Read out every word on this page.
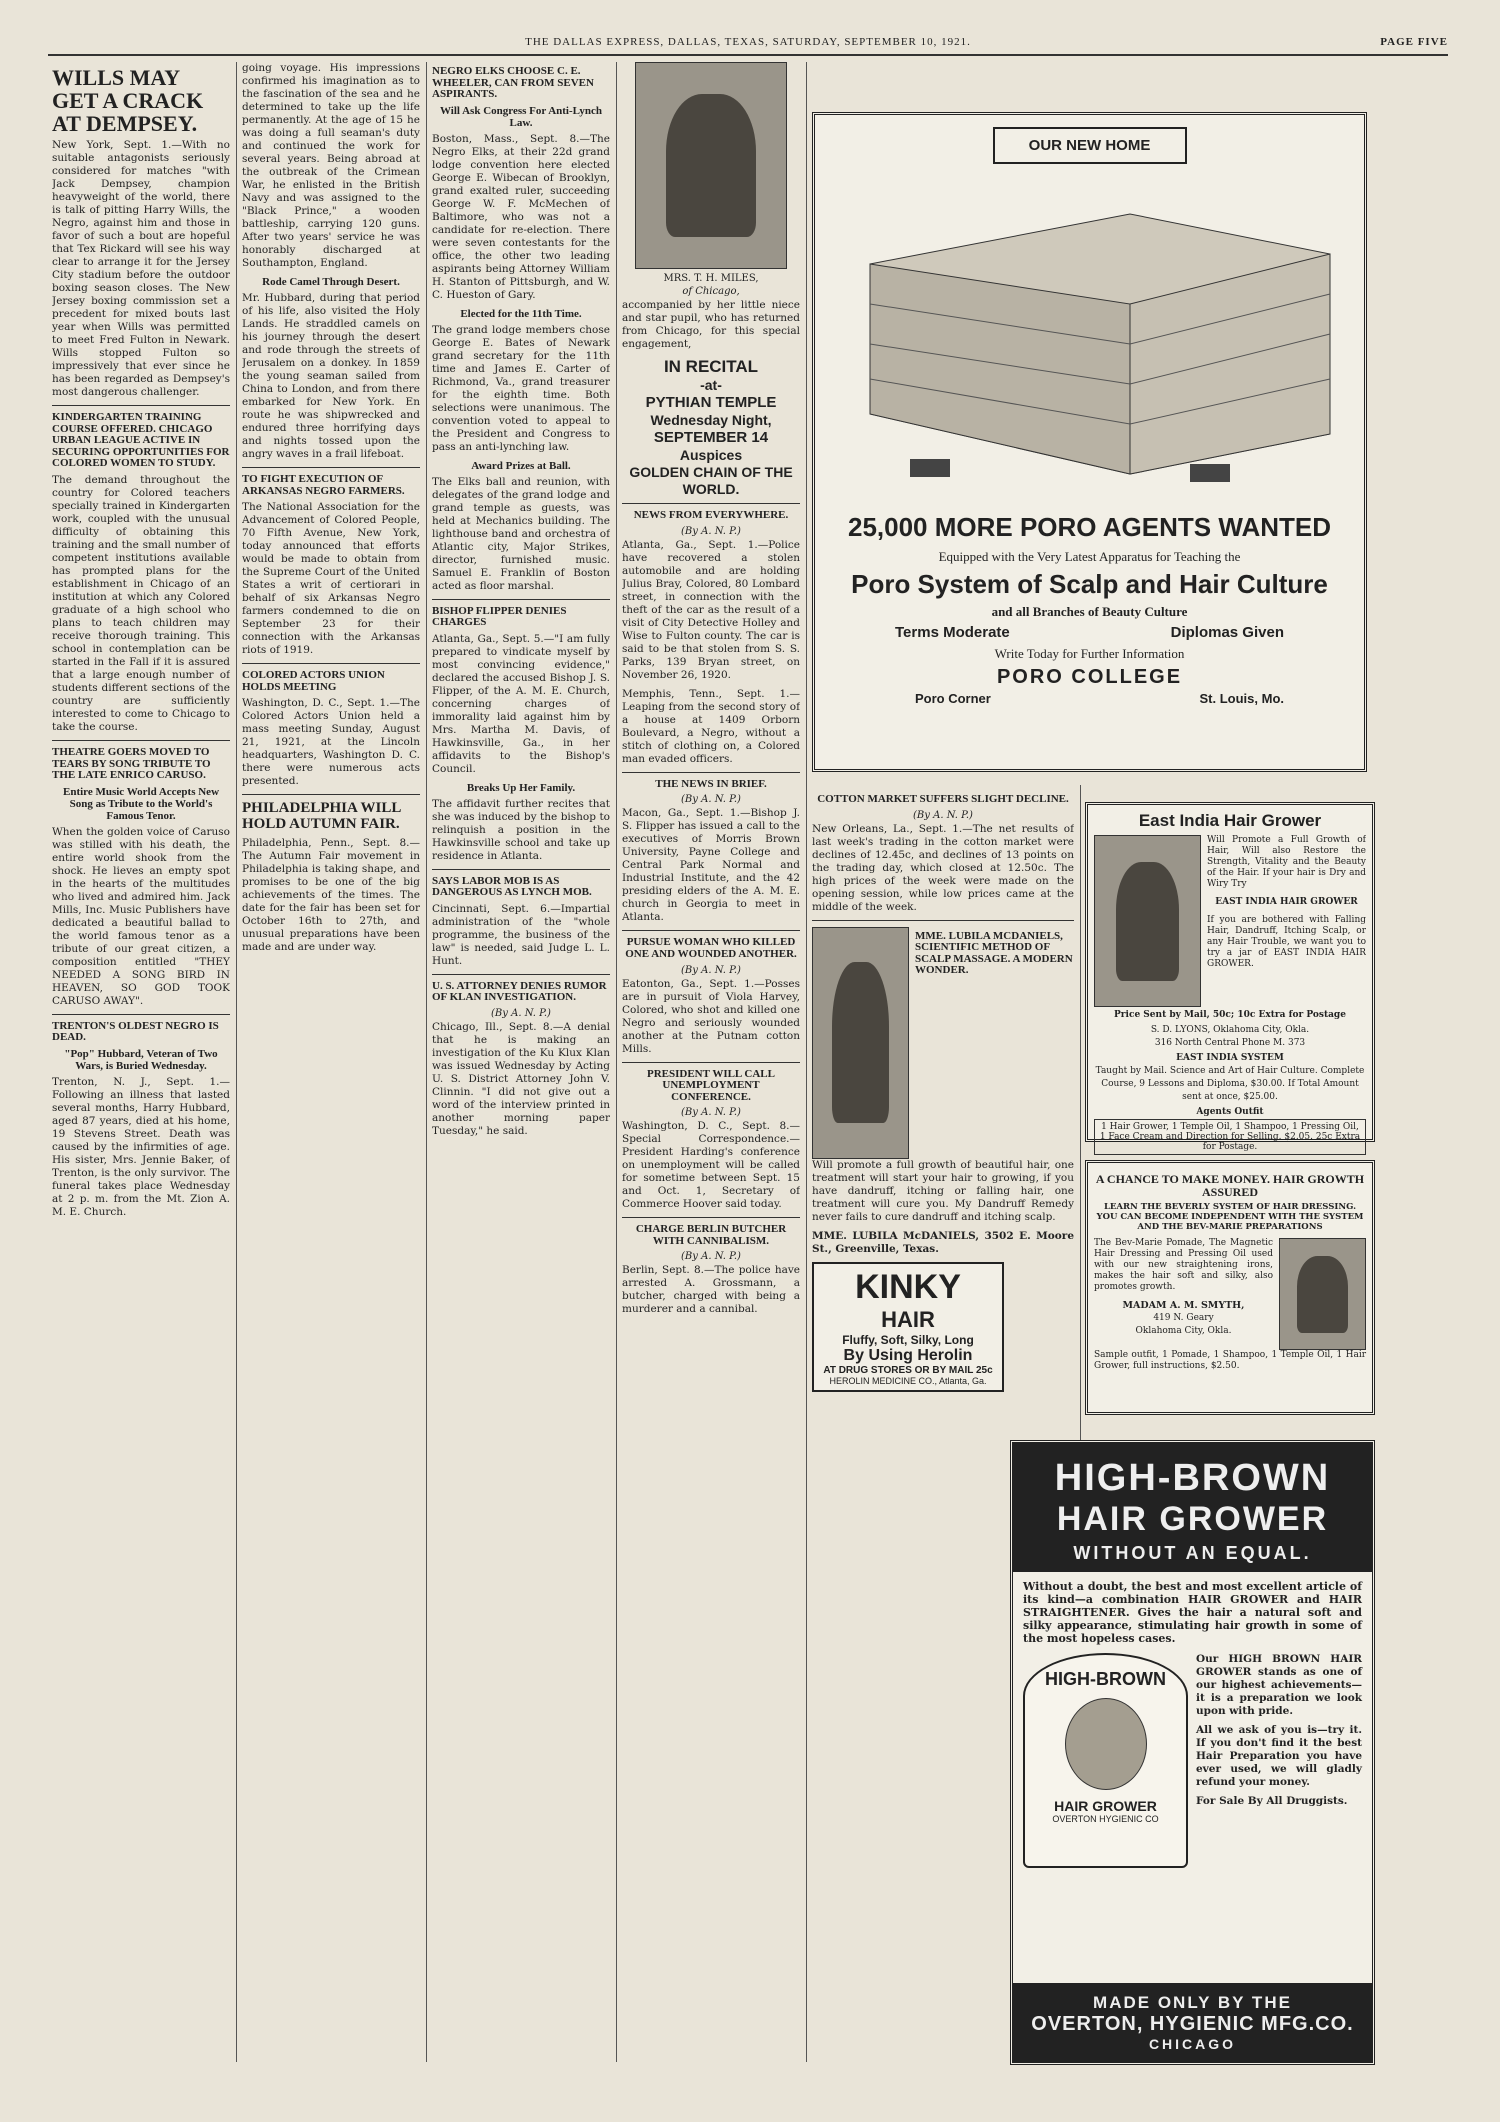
THE DALLAS EXPRESS, DALLAS, TEXAS, SATURDAY, SEPTEMBER 10, 1921.	PAGE FIVE
WILLS MAY GET A CRACK AT DEMPSEY.
New York, Sept. 1.—With no suitable antagonists seriously considered for matches "with Jack Dempsey, champion heavyweight of the world, there is talk of pitting Harry Wills, the Negro, against him and those in favor of such a bout are hopeful that Tex Rickard will see his way clear to arrange it for the Jersey City stadium before the outdoor boxing season closes. The New Jersey boxing commission set a precedent for mixed bouts last year when Wills was permitted to meet Fred Fulton in Newark. Wills stopped Fulton so impressively that ever since he has been regarded as Dempsey's most dangerous challenger.
KINDERGARTEN TRAINING COURSE OFFERED. CHICAGO URBAN LEAGUE ACTIVE IN SECURING OPPORTUNITIES FOR COLORED WOMEN TO STUDY.
The demand throughout the country for Colored teachers specially trained in Kindergarten work, coupled with the unusual difficulty of obtaining this training and the small number of competent institutions available has prompted plans for the establishment in Chicago of an institution at which any Colored graduate of a high school who plans to teach children may receive thorough training. This school in contemplation can be started in the Fall if it is assured that a large enough number of students different sections of the country are sufficiently interested to come to Chicago to take the course.
THEATRE GOERS MOVED TO TEARS BY SONG TRIBUTE TO THE LATE ENRICO CARUSO.
Entire Music World Accepts New Song as Tribute to the World's Famous Tenor.
When the golden voice of Caruso was stilled with his death, the entire world shook from the shock. He lieves an empty spot in the hearts of the multitudes who lived and admired him. Jack Mills, Inc. Music Publishers have dedicated a beautiful ballad to the world famous tenor as a tribute of our great citizen, a composition entitled "THEY NEEDED A SONG BIRD IN HEAVEN, SO GOD TOOK CARUSO AWAY".
TRENTON'S OLDEST NEGRO IS DEAD.
"Pop" Hubbard, Veteran of Two Wars, is Buried Wednesday.
Trenton, N. J., Sept. 1.—Following an illness that lasted several months, Harry Hubbard, aged 87 years, died at his home, 19 Stevens Street. Death was caused by the infirmities of age. His sister, Mrs. Jennie Baker, of Trenton, is the only survivor. The funeral takes place Wednesday at 2 p. m. from the Mt. Zion A. M. E. Church.
going voyage. His impressions confirmed his imagination as to the fascination of the sea and he determined to take up the life permanently. At the age of 15 he was doing a full seaman's duty and continued the work for several years. Being abroad at the outbreak of the Crimean War, he enlisted in the British Navy and was assigned to the "Black Prince," a wooden battleship, carrying 120 guns. After two years' service he was honorably discharged at Southampton, England.
Rode Camel Through Desert.
Mr. Hubbard, during that period of his life, also visited the Holy Lands. He straddled camels on his journey through the desert and rode through the streets of Jerusalem on a donkey. In 1859 the young seaman sailed from China to London, and from there embarked for New York. En route he was shipwrecked and endured three horrifying days and nights tossed upon the angry waves in a frail lifeboat.
TO FIGHT EXECUTION OF ARKANSAS NEGRO FARMERS.
The National Association for the Advancement of Colored People, 70 Fifth Avenue, New York, today announced that efforts would be made to obtain from the Supreme Court of the United States a writ of certiorari in behalf of six Arkansas Negro farmers condemned to die on September 23 for their connection with the Arkansas riots of 1919.
COLORED ACTORS UNION HOLDS MEETING
Washington, D. C., Sept. 1.—The Colored Actors Union held a mass meeting Sunday, August 21, 1921, at the Lincoln headquarters, Washington D. C. there were numerous acts presented.
PHILADELPHIA WILL HOLD AUTUMN FAIR.
Philadelphia, Penn., Sept. 8.—The Autumn Fair movement in Philadelphia is taking shape, and promises to be one of the big achievements of the times. The date for the fair has been set for October 16th to 27th, and unusual preparations have been made and are under way.
NEGRO ELKS CHOOSE C. E. WHEELER, CAN FROM SEVEN ASPIRANTS.
Will Ask Congress For Anti-Lynch Law.
Boston, Mass., Sept. 8.—The Negro Elks, at their 22d grand lodge convention here elected George E. Wibecan of Brooklyn, grand exalted ruler, succeeding George W. F. McMechen of Baltimore, who was not a candidate for re-election. There were seven contestants for the office, the other two leading aspirants being Attorney William H. Stanton of Pittsburgh, and W. C. Hueston of Gary.
Elected for the 11th Time.
The grand lodge members chose George E. Bates of Newark grand secretary for the 11th time and James E. Carter of Richmond, Va., grand treasurer for the eighth time. Both selections were unanimous. The convention voted to appeal to the President and Congress to pass an anti-lynching law.
Award Prizes at Ball.
The Elks ball and reunion, with delegates of the grand lodge and grand temple as guests, was held at Mechanics building. The lighthouse band and orchestra of Atlantic city, Major Strikes, director, furnished music. Samuel E. Franklin of Boston acted as floor marshal.
BISHOP FLIPPER DENIES CHARGES
Atlanta, Ga., Sept. 5.—"I am fully prepared to vindicate myself by most convincing evidence," declared the accused Bishop J. S. Flipper, of the A. M. E. Church, concerning charges of immorality laid against him by Mrs. Martha M. Davis, of Hawkinsville, Ga., in her affidavits to the Bishop's Council.
Breaks Up Her Family.
The affidavit further recites that she was induced by the bishop to relinquish a position in the Hawkinsville school and take up residence in Atlanta.
SAYS LABOR MOB IS AS DANGEROUS AS LYNCH MOB.
Cincinnati, Sept. 6.—Impartial administration of the "whole programme, the business of the law" is needed, said Judge L. L. Hunt.
U. S. ATTORNEY DENIES RUMOR OF KLAN INVESTIGATION.
(By A. N. P.)
Chicago, Ill., Sept. 8.—A denial that he is making an investigation of the Ku Klux Klan was issued Wednesday by Acting U. S. District Attorney John V. Clinnin. "I did not give out a word of the interview printed in another morning paper Tuesday," he said.
MRS. T. H. MILES,
of Chicago,
accompanied by her little niece and star pupil, who has returned from Chicago, for this special engagement,
IN RECITAL
-at-
PYTHIAN TEMPLE
Wednesday Night,
SEPTEMBER 14
Auspices
GOLDEN CHAIN OF THE WORLD.
NEWS FROM EVERYWHERE.
(By A. N. P.)
Atlanta, Ga., Sept. 1.—Police have recovered a stolen automobile and are holding Julius Bray, Colored, 80 Lombard street, in connection with the theft of the car as the result of a visit of City Detective Holley and Wise to Fulton county. The car is said to be that stolen from S. S. Parks, 139 Bryan street, on November 26, 1920.
Memphis, Tenn., Sept. 1.—Leaping from the second story of a house at 1409 Orborn Boulevard, a Negro, without a stitch of clothing on, a Colored man evaded officers.
THE NEWS IN BRIEF.
(By A. N. P.)
Macon, Ga., Sept. 1.—Bishop J. S. Flipper has issued a call to the executives of Morris Brown University, Payne College and Central Park Normal and Industrial Institute, and the 42 presiding elders of the A. M. E. church in Georgia to meet in Atlanta.
PURSUE WOMAN WHO KILLED ONE AND WOUNDED ANOTHER.
(By A. N. P.)
Eatonton, Ga., Sept. 1.—Posses are in pursuit of Viola Harvey, Colored, who shot and killed one Negro and seriously wounded another at the Putnam cotton Mills.
PRESIDENT WILL CALL UNEMPLOYMENT CONFERENCE.
(By A. N. P.)
Washington, D. C., Sept. 8.—Special Correspondence.—President Harding's conference on unemployment will be called for sometime between Sept. 15 and Oct. 1, Secretary of Commerce Hoover said today.
CHARGE BERLIN BUTCHER WITH CANNIBALISM.
(By A. N. P.)
Berlin, Sept. 8.—The police have arrested A. Grossmann, a butcher, charged with being a murderer and a cannibal.
OUR NEW HOME
25,000 MORE PORO AGENTS WANTED
Equipped with the Very Latest Apparatus for Teaching the
Poro System of Scalp and Hair Culture
and all Branches of Beauty Culture
Terms Moderate	Diplomas Given
Write Today for Further Information
PORO COLLEGE
Poro Corner	St. Louis, Mo.
COTTON MARKET SUFFERS SLIGHT DECLINE.
(By A. N. P.)
New Orleans, La., Sept. 1.—The net results of last week's trading in the cotton market were declines of 12.45c, and declines of 13 points on the trading day, which closed at 12.50c. The high prices of the week were made on the opening session, while low prices came at the middle of the week.
MME. LUBILA MCDANIELS, SCIENTIFIC METHOD OF SCALP MASSAGE. A MODERN WONDER.
Will promote a full growth of beautiful hair, one treatment will start your hair to growing, if you have dandruff, itching or falling hair, one treatment will cure you. My Dandruff Remedy never fails to cure dandruff and itching scalp.
MME. LUBILA McDANIELS, 3502 E. Moore St., Greenville, Texas.
KINKY
HAIR
Fluffy, Soft, Silky, Long
By Using Herolin
AT DRUG STORES OR BY MAIL 25c
HEROLIN MEDICINE CO., Atlanta, Ga.
East India Hair Grower
Will Promote a Full Growth of Hair, Will also Restore the Strength, Vitality and the Beauty of the Hair. If your hair is Dry and Wiry Try
EAST INDIA HAIR GROWER
If you are bothered with Falling Hair, Dandruff, Itching Scalp, or any Hair Trouble, we want you to try a jar of EAST INDIA HAIR GROWER.
Price Sent by Mail, 50c; 10c Extra for Postage
S. D. LYONS, Oklahoma City, Okla.
316 North Central Phone M. 373
EAST INDIA SYSTEM
Taught by Mail. Science and Art of Hair Culture. Complete Course, 9 Lessons and Diploma, $30.00. If Total Amount sent at once, $25.00.
Agents Outfit
1 Hair Grower, 1 Temple Oil, 1 Shampoo, 1 Pressing Oil, 1 Face Cream and Direction for Selling. $2.05. 25c Extra for Postage.
A CHANCE TO MAKE MONEY. HAIR GROWTH ASSURED
LEARN THE BEVERLY SYSTEM OF HAIR DRESSING. YOU CAN BECOME INDEPENDENT WITH THE SYSTEM AND THE BEV-MARIE PREPARATIONS
The Bev-Marie Pomade, The Magnetic Hair Dressing and Pressing Oil used with our new straightening irons, makes the hair soft and silky, also promotes growth.
MADAM A. M. SMYTH,
419 N. Geary
Oklahoma City, Okla.
Sample outfit, 1 Pomade, 1 Shampoo, 1 Temple Oil, 1 Hair Grower, full instructions, $2.50.
HIGH-BROWN
HAIR GROWER
WITHOUT AN EQUAL.
Without a doubt, the best and most excellent article of its kind—a combination HAIR GROWER and HAIR STRAIGHTENER. Gives the hair a natural soft and silky appearance, stimulating hair growth in some of the most hopeless cases.
HIGH-BROWN
HAIR GROWER
OVERTON HYGIENIC CO
Our HIGH BROWN HAIR GROWER stands as one of our highest achievements—it is a preparation we look upon with pride.
All we ask of you is—try it. If you don't find it the best Hair Preparation you have ever used, we will gladly refund your money.
For Sale By All Druggists.
MADE ONLY BY THE
OVERTON, HYGIENIC MFG.CO.
CHICAGO
